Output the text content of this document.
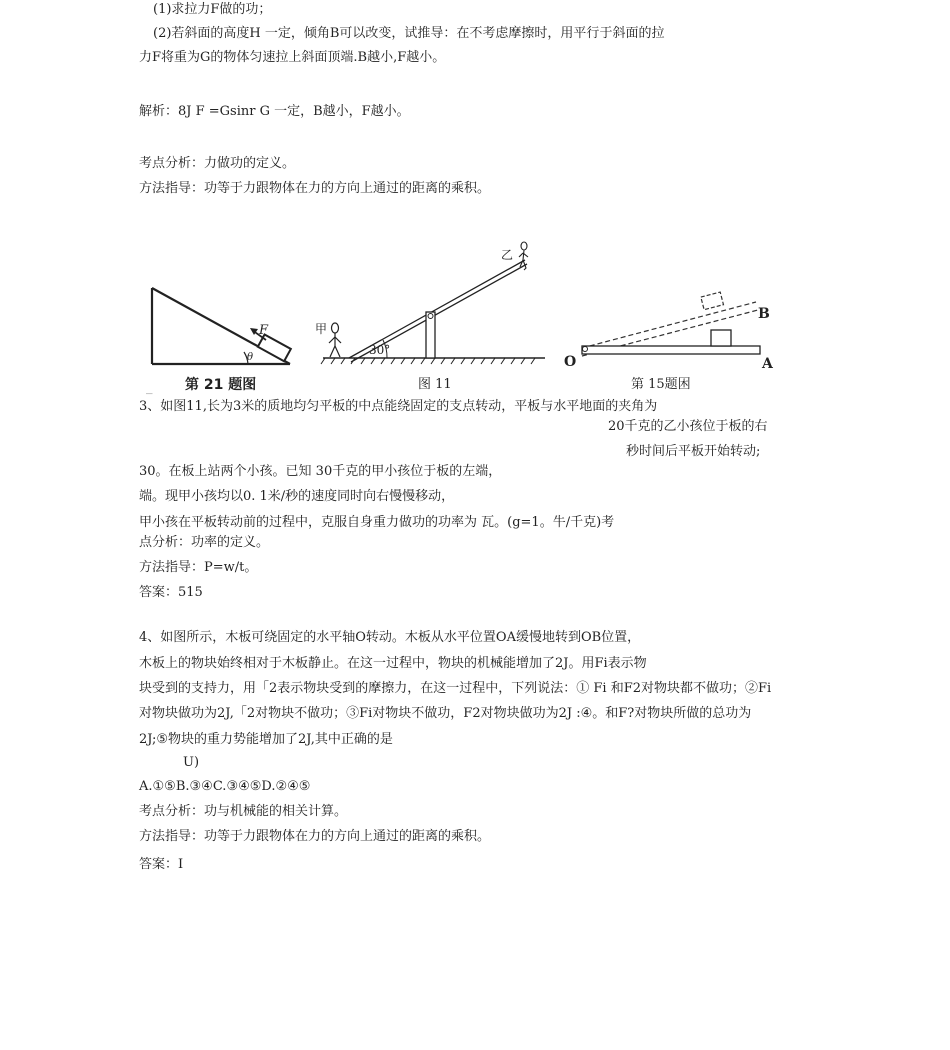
(1)求拉力F做的功；
(2)若斜面的高度H 一定，倾角B可以改变，试推导：在不考虑摩擦时，用平行于斜面的拉
力F将重为G的物体匀速拉上斜面顶端.B越小,F越小。
解析：8J F =Gsinr G 一定，B越小，F越小。
考点分析：力做功的定义。
方法指导：功等于力跟物体在力的方向上通过的距离的乘积。
F
θ
第 21 题图
_
甲
乙
30°
图 11
O	A
B
第 15题困
3、如图11,长为3米的质地均匀平板的中点能绕固定的支点转动，平板与水平地面的夹角为
20千克的乙小孩位于板的右
秒时间后平板开始转动;
30。在板上站两个小孩。已知 30千克的甲小孩位于板的左端，
端。现甲小孩均以0. 1米/秒的速度同时向右慢慢移动，
甲小孩在平板转动前的过程中，克服自身重力做功的功率为 瓦。(g=1。牛/千克)考
点分析：功率的定义。
方法指导：P=w/t。
答案：515
4、如图所示，木板可绕固定的水平轴O转动。木板从水平位置OA缓慢地转到OB位置，
木板上的物块始终相对于木板静止。在这一过程中，物块的机械能增加了2J。用Fi表示物
块受到的支持力，用「2表示物块受到的摩擦力，在这一过程中，下列说法：① Fi 和F2对物块都不做功；②Fi
对物块做功为2J,「2对物块不做功；③Fi对物块不做功，F2对物块做功为2J :④。和F?对物块所做的总功为
2J;⑤物块的重力势能增加了2J,其中正确的是
U)
A.①⑤B.③④C.③④⑤D.②④⑤
考点分析：功与机械能的相关计算。
方法指导：功等于力跟物体在力的方向上通过的距离的乘积。
答案：I
